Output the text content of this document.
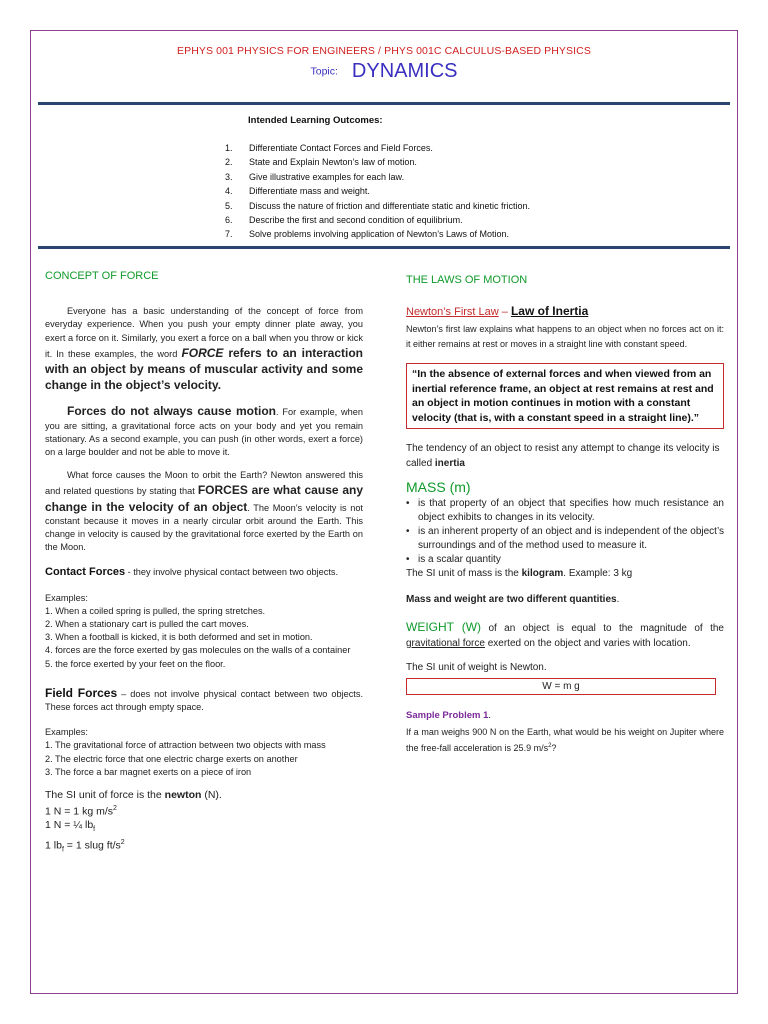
EPHYS 001 PHYSICS FOR ENGINEERS / PHYS 001C CALCULUS-BASED PHYSICS
Topic: DYNAMICS
Intended Learning Outcomes:
1.	Differentiate Contact Forces and Field Forces.
2.	State and Explain Newton’s law of motion.
3.	Give illustrative examples for each law.
4.	Differentiate mass and weight.
5.	Discuss the nature of friction and differentiate static and kinetic friction.
6.	Describe the first and second condition of equilibrium.
7.	Solve problems involving application of Newton’s Laws of Motion.
CONCEPT OF FORCE

Everyone has a basic understanding of the concept of force from everyday experience. When you push your empty dinner plate away, you exert a force on it. Similarly, you exert a force on a ball when you throw or kick it. In these examples, the word FORCE refers to an interaction with an object by means of muscular activity and some change in the object’s velocity.

Forces do not always cause motion. For example, when you are sitting, a gravitational force acts on your body and yet you remain stationary. As a second example, you can push (in other words, exert a force) on a large boulder and not be able to move it.

What force causes the Moon to orbit the Earth? Newton answered this and related questions by stating that FORCES are what cause any change in the velocity of an object. The Moon’s velocity is not constant because it moves in a nearly circular orbit around the Earth. This change in velocity is caused by the gravitational force exerted by the Earth on the Moon.

Contact Forces - they involve physical contact between two objects.

Examples:

1. When a coiled spring is pulled, the spring stretches.

2. When a stationary cart is pulled the cart moves.

3. When a football is kicked, it is both deformed and set in motion.

4. forces are the force exerted by gas molecules on the walls of a container

5. the force exerted by your feet on the floor.

Field Forces – does not involve physical contact between two objects. These forces act through empty space.

Examples:

1. The gravitational force of attraction between two objects with mass

2. The electric force that one electric charge exerts on another

3. The force a bar magnet exerts on a piece of iron

The SI unit of force is the newton (N).

1 N = 1 kg $m/s^2$

1 N = ¼ $lb_f$

1 $lb_f = 1$ slug $ft/s^2$

THE LAWS OF MOTION

Newton’s First Law – Law of Inertia

Newton’s first law explains what happens to an object when no forces act on it: it either remains at rest or moves in a straight line with constant speed.

“In the absence of external forces and when viewed from an inertial reference frame, an object at rest remains at rest and an object in motion continues in motion with a constant velocity (that is, with a constant speed in a straight line).”

The tendency of an object to resist any attempt to change its velocity is called inertia

MASS (m)

• is that property of an object that specifies how much resistance an object exhibits to changes in its velocity.
• is an inherent property of an object and is independent of the object’s surroundings and of the method used to measure it.
• is a scalar quantity

The SI unit of mass is the kilogram. Example: 3 kg

Mass and weight are two different quantities.

WEIGHT (W) of an object is equal to the magnitude of the gravitational force exerted on the object and varies with location.

The SI unit of weight is Newton.

W = m g

Sample Problem 1.

If a man weighs 900 N on the Earth, what would be his weight on Jupiter where the free-fall acceleration is 25.9 $m/s^2$?
